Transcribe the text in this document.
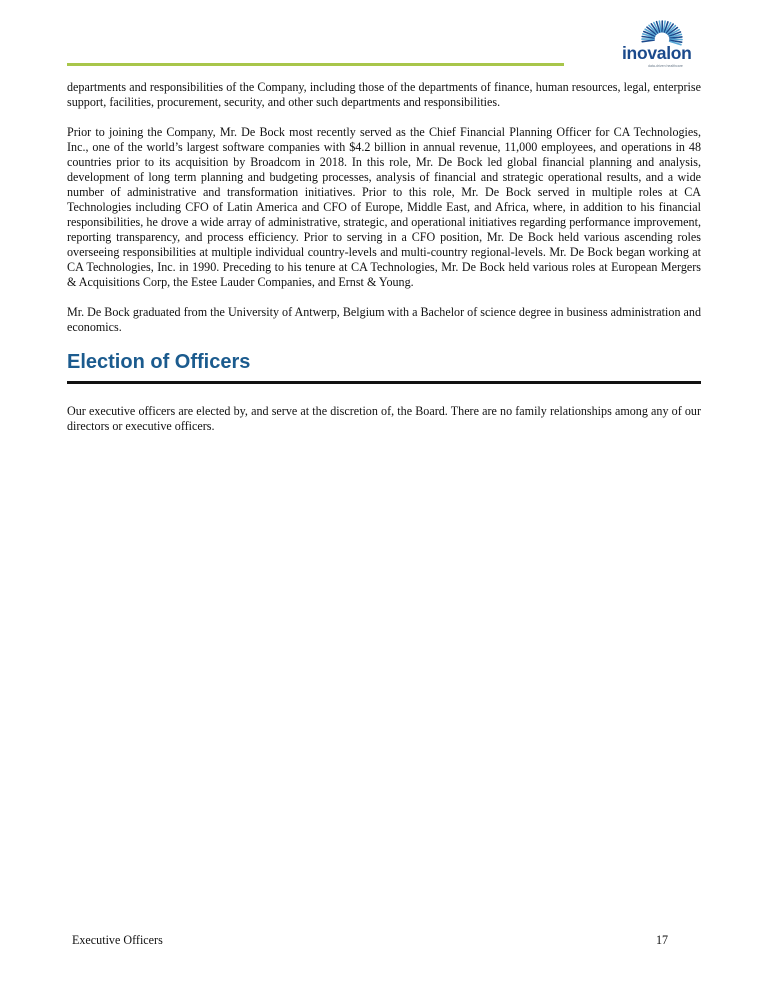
inovalon
data-driven healthcare

departments and responsibilities of the Company, including those of the departments of finance, human resources, legal, enterprise support, facilities, procurement, security, and other such departments and responsibilities.

Prior to joining the Company, Mr. De Bock most recently served as the Chief Financial Planning Officer for CA Technologies, Inc., one of the world’s largest software companies with $4.2 billion in annual revenue, 11,000 employees, and operations in 48 countries prior to its acquisition by Broadcom in 2018. In this role, Mr. De Bock led global financial planning and analysis, development of long term planning and budgeting processes, analysis of financial and strategic operational results, and a wide number of administrative and transformation initiatives. Prior to this role, Mr. De Bock served in multiple roles at CA Technologies including CFO of Latin America and CFO of Europe, Middle East, and Africa, where, in addition to his financial responsibilities, he drove a wide array of administrative, strategic, and operational initiatives regarding performance improvement, reporting transparency, and process efficiency. Prior to serving in a CFO position, Mr. De Bock held various ascending roles overseeing responsibilities at multiple individual country-levels and multi-country regional-levels. Mr. De Bock began working at CA Technologies, Inc. in 1990. Preceding to his tenure at CA Technologies, Mr. De Bock held various roles at European Mergers & Acquisitions Corp, the Estee Lauder Companies, and Ernst & Young.

Mr. De Bock graduated from the University of Antwerp, Belgium with a Bachelor of science degree in business administration and economics.

Election of Officers

Our executive officers are elected by, and serve at the discretion of, the Board. There are no family relationships among any of our directors or executive officers.

Executive Officers	17
